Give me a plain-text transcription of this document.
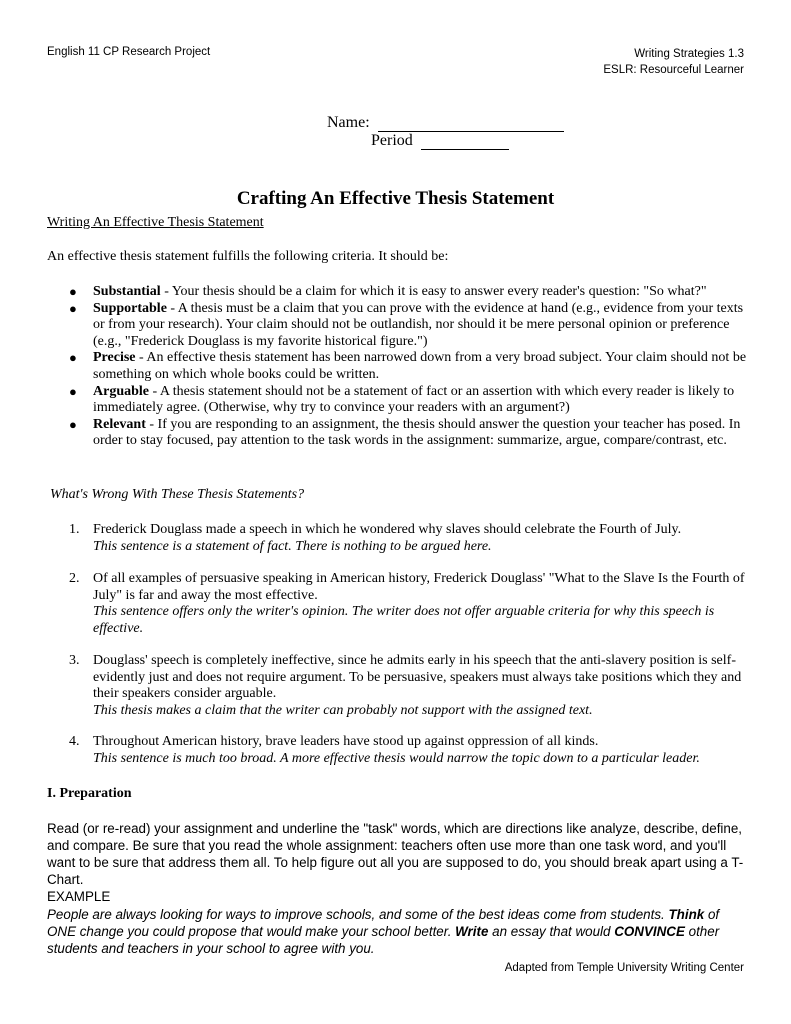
English 11 CP Research Project	Writing Strategies 1.3
ESLR: Resourceful Learner
Name:  Period
Crafting An Effective Thesis Statement
Writing An Effective Thesis Statement
An effective thesis statement fulfills the following criteria. It should be:
● Substantial - Your thesis should be a claim for which it is easy to answer every reader's question: "So what?"
● Supportable - A thesis must be a claim that you can prove with the evidence at hand (e.g., evidence from your texts or from your research). Your claim should not be outlandish, nor should it be mere personal opinion or preference (e.g., "Frederick Douglass is my favorite historical figure.")
● Precise - An effective thesis statement has been narrowed down from a very broad subject. Your claim should not be something on which whole books could be written.
● Arguable - A thesis statement should not be a statement of fact or an assertion with which every reader is likely to immediately agree. (Otherwise, why try to convince your readers with an argument?)
● Relevant - If you are responding to an assignment, the thesis should answer the question your teacher has posed. In order to stay focused, pay attention to the task words in the assignment: summarize, argue, compare/contrast, etc.
What's Wrong With These Thesis Statements?
1. Frederick Douglass made a speech in which he wondered why slaves should celebrate the Fourth of July.
This sentence is a statement of fact. There is nothing to be argued here.
2. Of all examples of persuasive speaking in American history, Frederick Douglass' "What to the Slave Is the Fourth of July" is far and away the most effective.
This sentence offers only the writer's opinion. The writer does not offer arguable criteria for why this speech is effective.
3. Douglass' speech is completely ineffective, since he admits early in his speech that the anti-slavery position is self-evidently just and does not require argument. To be persuasive, speakers must always take positions which they and their speakers consider arguable.
This thesis makes a claim that the writer can probably not support with the assigned text.
4. Throughout American history, brave leaders have stood up against oppression of all kinds.
This sentence is much too broad. A more effective thesis would narrow the topic down to a particular leader.
I. Preparation
Read (or re-read) your assignment and underline the "task" words, which are directions like analyze, describe, define, and compare. Be sure that you read the whole assignment: teachers often use more than one task word, and you'll want to be sure that address them all. To help figure out all you are supposed to do, you should break apart using a T-Chart.
EXAMPLE
People are always looking for ways to improve schools, and some of the best ideas come from students. Think of ONE change you could propose that would make your school better. Write an essay that would CONVINCE other students and teachers in your school to agree with you.
Adapted from Temple University Writing Center
